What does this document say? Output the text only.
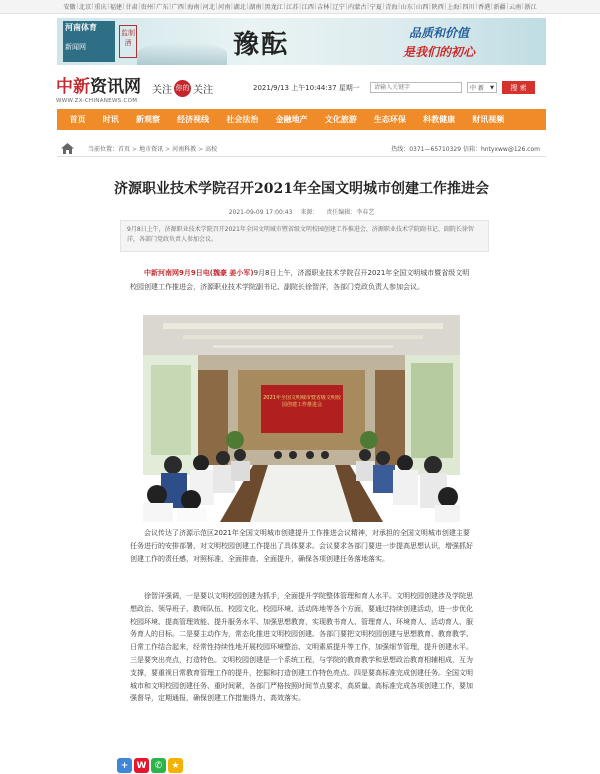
安徽 | 北京 | 重庆 | 福建 | 甘肃 | 贵州 | 广东 | 广西 | 海南 | 河北 | 河南 | 湖北 | 湖南 | 黑龙江 | 江苏 | 江西 | 吉林 | 辽宁 | 内蒙古 | 宁夏 | 青海 | 山东 | 山西 | 陕西 | 上海 | 四川 | 香港 | 新疆 | 云南 | 浙江
河南体育
新闻网
监制酒	豫酝	品质和价值
是我们的初心
中新资讯网
WWW.ZX-CHINANEWS.COM
关注 你的 关注	2021/9/13 上午10:44:37 星期一
请输入关键字	中 新 ▼	搜 索
首页	时讯	新观察	经济视线	社会法治	金融地产	文化旅游	生态环保	科教健康	财讯视频
当前位置：首页 > 地市资讯 > 河南科教 > 高校	热线：0371—65710329 信箱：hntyxww@126.com
济源职业技术学院召开2021年全国文明城市创建工作推进会
2021-09-09 17:00:43 来源： 责任编辑：李春艺
9月8日上午，济源职业技术学院召开2021年全国文明城市暨省级文明校园创建工作推进会，济源职业技术学院副书记、副院长徐智洋，各部门党政负责人参加会议。
中新河南网9月9日电(魏豪 姜小军)9月8日上午，济源职业技术学院召开2021年全国文明城市暨省级文明校园创建工作推进会，济源职业技术学院副书记、副院长徐智洋，各部门党政负责人参加会议。
2021年全国文明城市暨省级文明校园创建工作推进会
会议传达了济源示范区2021年全国文明城市创建提升工作推进会议精神，对承担的全国文明城市创建主要任务进行的安排部署，对文明校园创建工作提出了具体要求。会议要求各部门要进一步提高思想认识，增强抓好创建工作的责任感，对照标准，全面排查、全面提升，确保各项创建任务落地落实。
徐智洋强调，一是要以文明校园创建为抓手，全面提升学院整体管理和育人水平。文明校园创建涉及学院思想政治、领导班子、教师队伍、校园文化、校园环境、活动阵地等各个方面，要通过持续创建活动，进一步优化校园环境、提高管理效能、提升服务水平、加强思想教育，实现教书育人、管理育人、环境育人、活动育人、服务育人的目标。二是要主动作为，常态化推进文明校园创建。各部门要把文明校园创建与思想教育、教育教学、日常工作结合起来，经常性持续性地开展校园环境整治、文明素质提升等工作，加强细节管理，提升创建水平。三是要突出亮点，打造特色。文明校园创建是一个系统工程，与学院的教育教学和思想政治教育相辅相成，互为支撑，要重视日常教育管理工作的提升，挖掘和打造创建工作特色亮点。四是要高标准完成创建任务。全国文明城市和文明校园创建任务、重时间紧，各部门严格按照时间节点要求，高质量、高标准完成各项创建工作，要加强督导，定期通报，确保创建工作措施得力、高效落实。
+ W ✆	★
